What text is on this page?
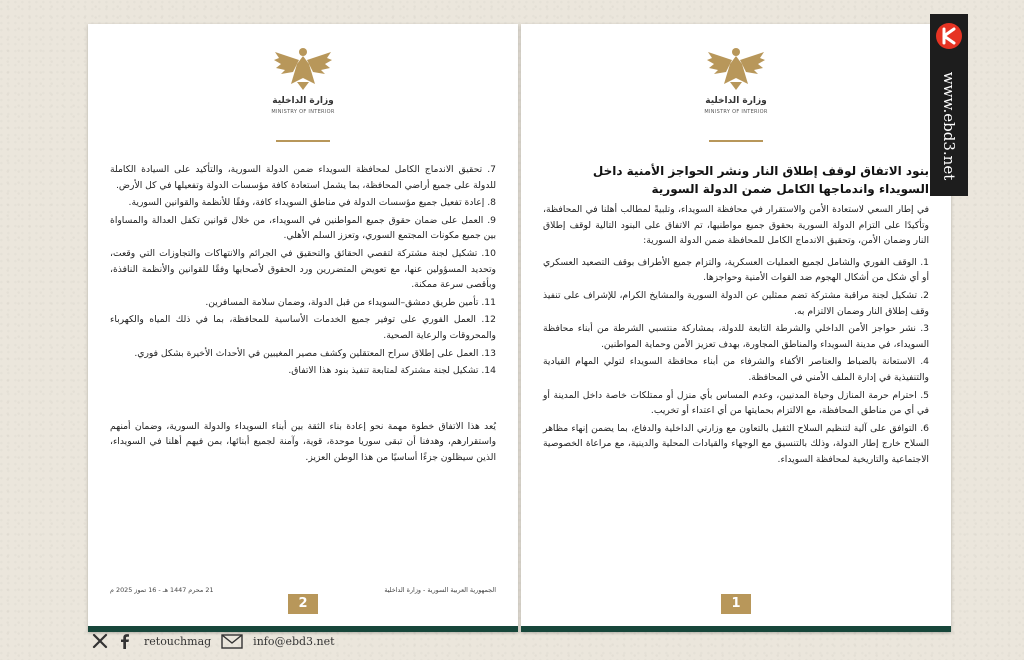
وزارة الداخلية
MINISTRY OF INTERIOR
7. تحقيق الاندماج الكامل لمحافظة السويداء ضمن الدولة السورية، والتأكيد على السيادة الكاملة للدولة على جميع أراضي المحافظة، بما يشمل استعادة كافة مؤسسات الدولة وتفعيلها في كل الأرض.
8. إعادة تفعيل جميع مؤسسات الدولة في مناطق السويداء كافة، وفقًا للأنظمة والقوانين السورية.
9. العمل على ضمان حقوق جميع المواطنين في السويداء، من خلال قوانين تكفل العدالة والمساواة بين جميع مكونات المجتمع السوري، وتعزز السلم الأهلي.
10. تشكيل لجنة مشتركة لتقصي الحقائق والتحقيق في الجرائم والانتهاكات والتجاوزات التي وقعت، وتحديد المسؤولين عنها، مع تعويض المتضررين ورد الحقوق لأصحابها وفقًا للقوانين والأنظمة النافذة، وبأقصى سرعة ممكنة.
11. تأمين طريق دمشق–السويداء من قبل الدولة، وضمان سلامة المسافرين.
12. العمل الفوري على توفير جميع الخدمات الأساسية للمحافظة، بما في ذلك المياه والكهرباء والمحروقات والرعاية الصحية.
13. العمل على إطلاق سراح المعتقلين وكشف مصير المغيبين في الأحداث الأخيرة بشكل فوري.
14. تشكيل لجنة مشتركة لمتابعة تنفيذ بنود هذا الاتفاق.
يُعد هذا الاتفاق خطوة مهمة نحو إعادة بناء الثقة بين أبناء السويداء والدولة السورية، وضمان أمنهم واستقرارهم، وهدفنا أن تبقى سوريا موحدة، قوية، وآمنة لجميع أبنائها، بمن فيهم أهلنا في السويداء، الذين سيظلون جزءًا أساسيًا من هذا الوطن العزيز.
الجمهورية العربية السورية - وزارة الداخلية
21 محرم 1447 هـ - 16 تموز 2025 م
2
وزارة الداخلية
MINISTRY OF INTERIOR
بنود الاتفاق لوقف إطلاق النار ونشر الحواجز الأمنية داخل السويداء واندماجها الكامل ضمن الدولة السورية
في إطار السعي لاستعادة الأمن والاستقرار في محافظة السويداء، وتلبيةً لمطالب أهلنا في المحافظة، وتأكيدًا على التزام الدولة السورية بحقوق جميع مواطنيها، تم الاتفاق على البنود التالية لوقف إطلاق النار وضمان الأمن، وتحقيق الاندماج الكامل للمحافظة ضمن الدولة السورية:
1. الوقف الفوري والشامل لجميع العمليات العسكرية، والتزام جميع الأطراف بوقف التصعيد العسكري أو أي شكل من أشكال الهجوم ضد القوات الأمنية وحواجزها.
2. تشكيل لجنة مراقبة مشتركة تضم ممثلين عن الدولة السورية والمشايخ الكرام، للإشراف على تنفيذ وقف إطلاق النار وضمان الالتزام به.
3. نشر حواجز الأمن الداخلي والشرطة التابعة للدولة، بمشاركة منتسبي الشرطة من أبناء محافظة السويداء، في مدينة السويداء والمناطق المجاورة، بهدف تعزيز الأمن وحماية المواطنين.
4. الاستعانة بالضباط والعناصر الأكفاء والشرفاء من أبناء محافظة السويداء لتولي المهام القيادية والتنفيذية في إدارة الملف الأمني في المحافظة.
5. احترام حرمة المنازل وحياة المدنيين، وعدم المساس بأي منزل أو ممتلكات خاصة داخل المدينة أو في أي من مناطق المحافظة، مع الالتزام بحمايتها من أي اعتداء أو تخريب.
6. التوافق على آلية لتنظيم السلاح الثقيل بالتعاون مع وزارتي الداخلية والدفاع، بما يضمن إنهاء مظاهر السلاح خارج إطار الدولة، وذلك بالتنسيق مع الوجهاء والقيادات المحلية والدينية، مع مراعاة الخصوصية الاجتماعية والتاريخية لمحافظة السويداء.
1
www.ebd3.net
retouchmag	info@ebd3.net
